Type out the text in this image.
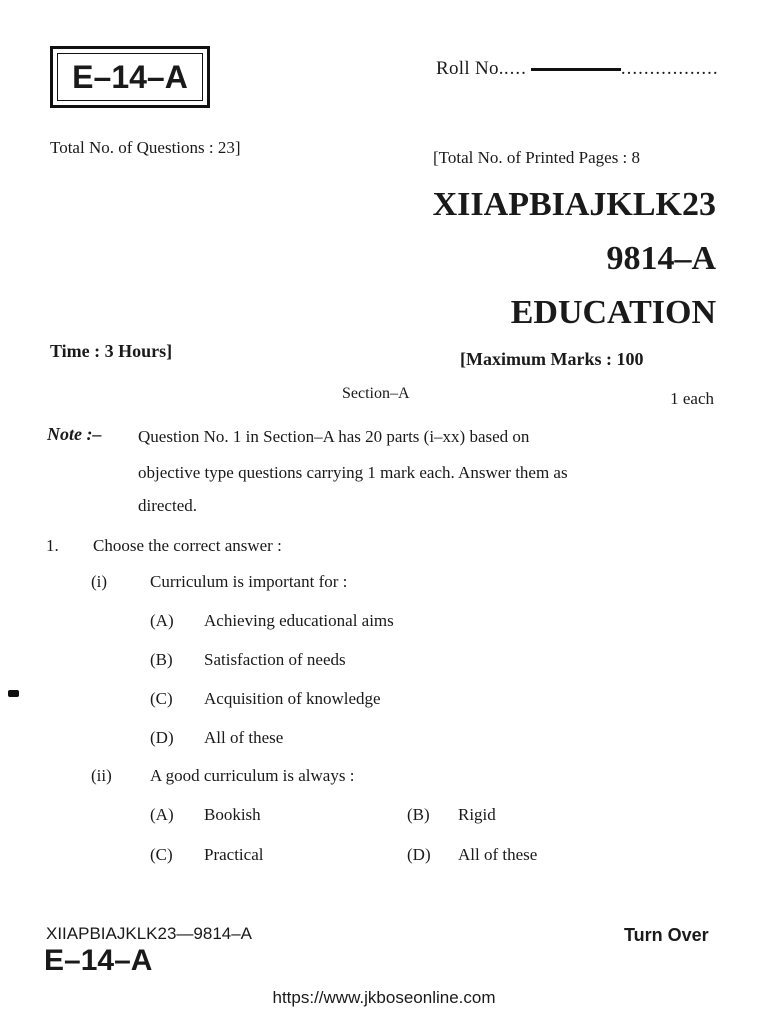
E–14–A	Roll No.....	.................
Total No. of Questions : 23]
[Total No. of Printed Pages : 8
XIIAPBIAJKLK23
9814–A
EDUCATION
Time : 3 Hours]	[Maximum Marks : 100
Section–A	1 each
Note :– Question No. 1 in Section–A has 20 parts (i–xx) based on
objective type questions carrying 1 mark each. Answer them as
directed.
1. Choose the correct answer :
(i)	Curriculum is important for :
(A) Achieving educational aims
(B) Satisfaction of needs
(C) Acquisition of knowledge
(D) All of these
(ii) A good curriculum is always :
(A) Bookish	(B) Rigid
(C) Practical	(D) All of these
XIIAPBIAJKLK23—9814–A
E–14–A
Turn Over
https://www.jkboseonline.com
